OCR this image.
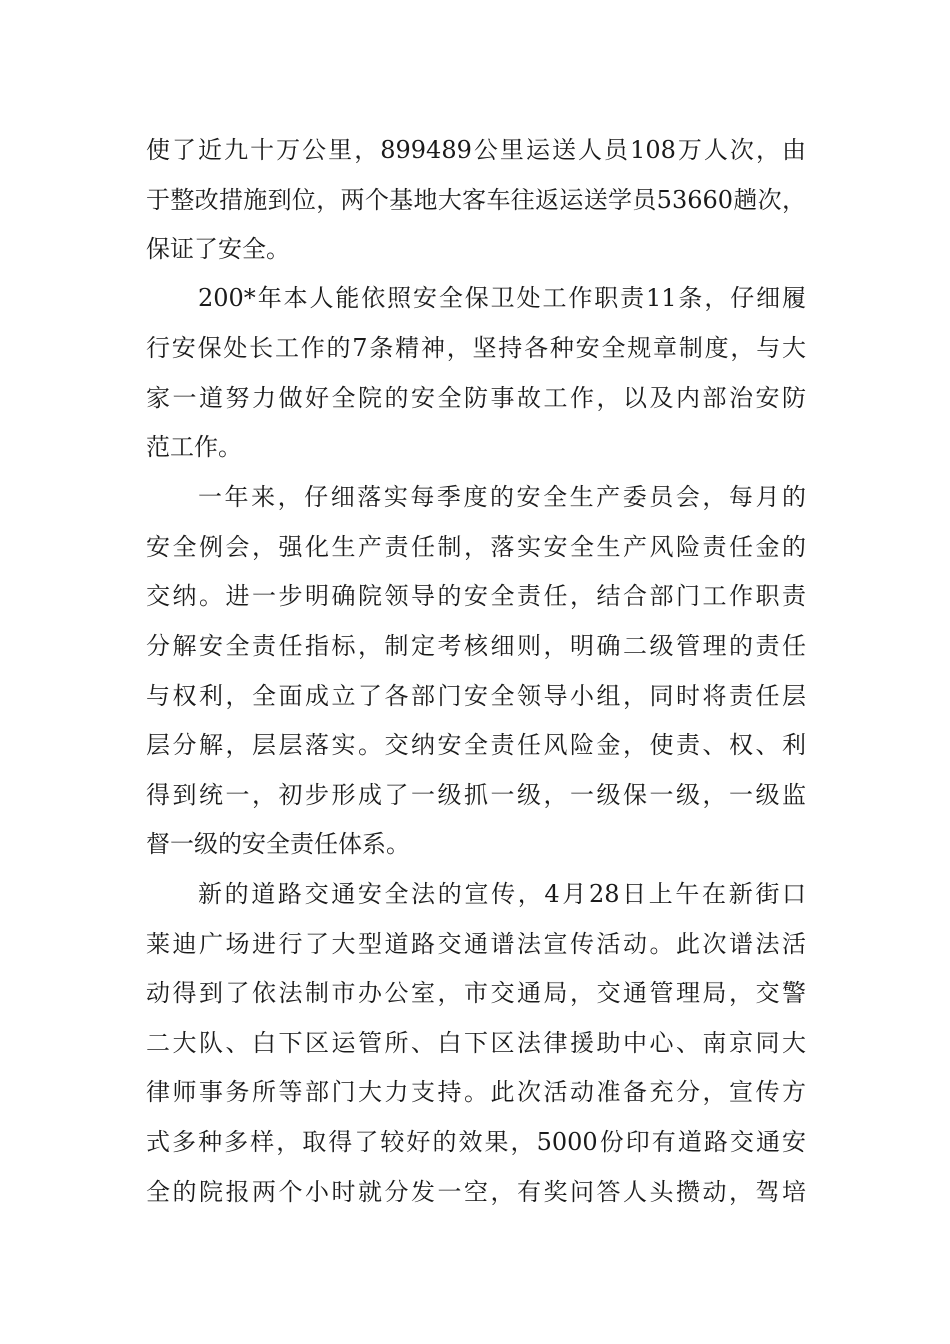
使了近九十万公里，899489公里运送人员108万人次，由
于整改措施到位，两个基地大客车往返运送学员53660趟次，
保证了安全。
200*年本人能依照安全保卫处工作职责11条，仔细履
行安保处长工作的7条精神，坚持各种安全规章制度，与大
家一道努力做好全院的安全防事故工作，以及内部治安防
范工作。
一年来，仔细落实每季度的安全生产委员会，每月的
安全例会，强化生产责任制，落实安全生产风险责任金的
交纳。进一步明确院领导的安全责任，结合部门工作职责
分解安全责任指标，制定考核细则，明确二级管理的责任
与权利，全面成立了各部门安全领导小组，同时将责任层
层分解，层层落实。交纳安全责任风险金，使责、权、利
得到统一，初步形成了一级抓一级，一级保一级，一级监
督一级的安全责任体系。
新的道路交通安全法的宣传，4月28日上午在新街口
莱迪广场进行了大型道路交通谱法宣传活动。此次谱法活
动得到了依法制市办公室，市交通局，交通管理局，交警
二大队、白下区运管所、白下区法律援助中心、南京同大
律师事务所等部门大力支持。此次活动准备充分，宣传方
式多种多样，取得了较好的效果，5000份印有道路交通安
全的院报两个小时就分发一空，有奖问答人头攒动，驾培
